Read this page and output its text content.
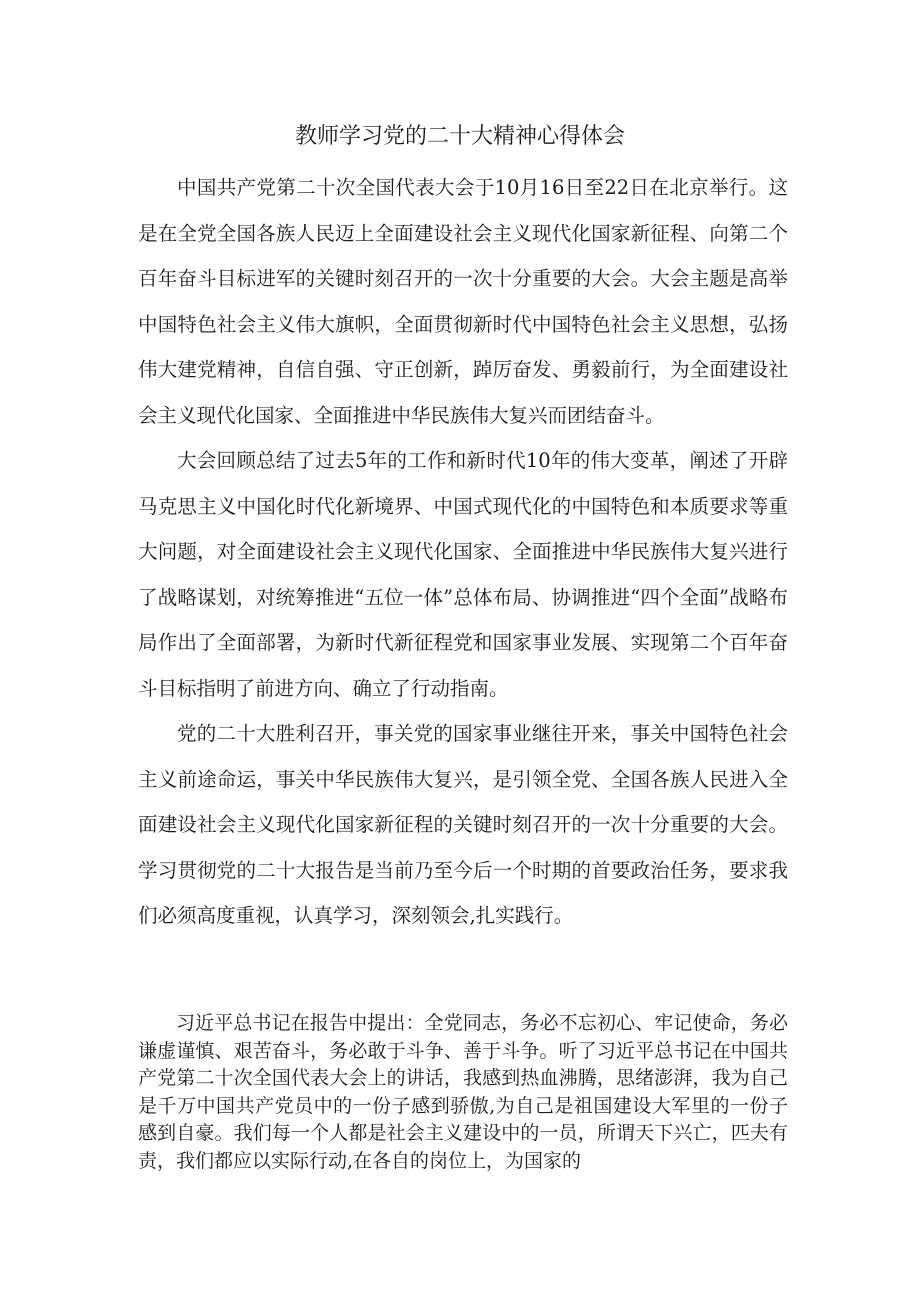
教师学习党的二十大精神心得体会

中国共产党第二十次全国代表大会于10月16日至22日在北京举行。这是在全党全国各族人民迈上全面建设社会主义现代化国家新征程、向第二个百年奋斗目标进军的关键时刻召开的一次十分重要的大会。大会主题是高举中国特色社会主义伟大旗帜，全面贯彻新时代中国特色社会主义思想，弘扬伟大建党精神，自信自强、守正创新，踔厉奋发、勇毅前行，为全面建设社会主义现代化国家、全面推进中华民族伟大复兴而团结奋斗。

大会回顾总结了过去5年的工作和新时代10年的伟大变革，阐述了开辟马克思主义中国化时代化新境界、中国式现代化的中国特色和本质要求等重大问题，对全面建设社会主义现代化国家、全面推进中华民族伟大复兴进行了战略谋划，对统筹推进“五位一体”总体布局、协调推进“四个全面”战略布局作出了全面部署，为新时代新征程党和国家事业发展、实现第二个百年奋斗目标指明了前进方向、确立了行动指南。

党的二十大胜利召开，事关党的国家事业继往开来，事关中国特色社会主义前途命运，事关中华民族伟大复兴，是引领全党、全国各族人民进入全面建设社会主义现代化国家新征程的关键时刻召开的一次十分重要的大会。学习贯彻党的二十大报告是当前乃至今后一个时期的首要政治任务，要求我们必须高度重视，认真学习，深刻领会,扎实践行。

习近平总书记在报告中提出：全党同志，务必不忘初心、牢记使命，务必谦虚谨慎、艰苦奋斗，务必敢于斗争、善于斗争。听了习近平总书记在中国共产党第二十次全国代表大会上的讲话，我感到热血沸腾，思绪澎湃，我为自己是千万中国共产党员中的一份子感到骄傲,为自己是祖国建设大军里的一份子感到自豪。我们每一个人都是社会主义建设中的一员，所谓天下兴亡，匹夫有责，我们都应以实际行动,在各自的岗位上，为国家的
